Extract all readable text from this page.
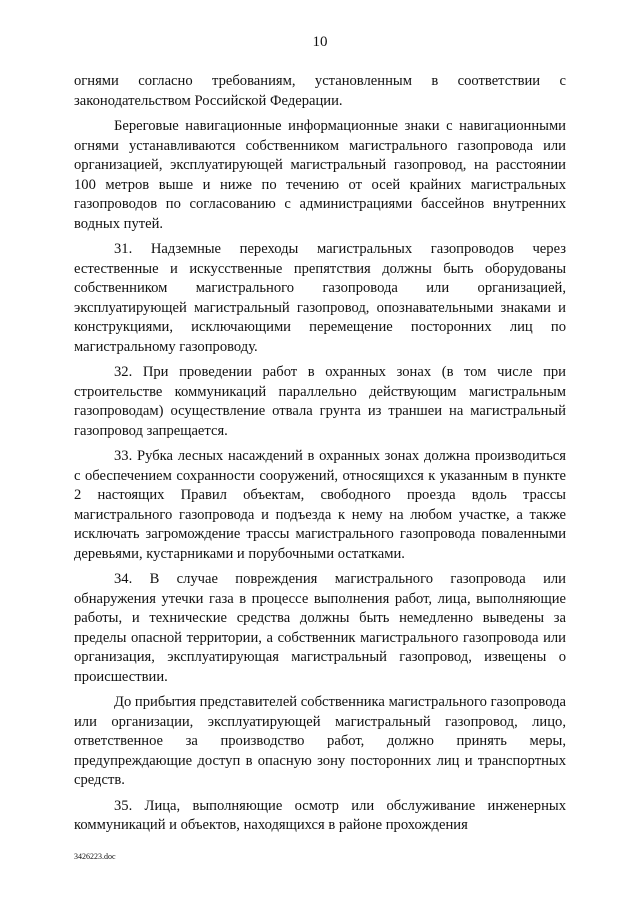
10

огнями согласно требованиям, установленным в соответствии с законодательством Российской Федерации.

Береговые навигационные информационные знаки с навигационными огнями устанавливаются собственником магистрального газопровода или организацией, эксплуатирующей магистральный газопровод, на расстоянии 100 метров выше и ниже по течению от осей крайних магистральных газопроводов по согласованию с администрациями бассейнов внутренних водных путей.

31. Надземные переходы магистральных газопроводов через естественные и искусственные препятствия должны быть оборудованы собственником магистрального газопровода или организацией, эксплуатирующей магистральный газопровод, опознавательными знаками и конструкциями, исключающими перемещение посторонних лиц по магистральному газопроводу.

32. При проведении работ в охранных зонах (в том числе при строительстве коммуникаций параллельно действующим магистральным газопроводам) осуществление отвала грунта из траншеи на магистральный газопровод запрещается.

33. Рубка лесных насаждений в охранных зонах должна производиться с обеспечением сохранности сооружений, относящихся к указанным в пункте 2 настоящих Правил объектам, свободного проезда вдоль трассы магистрального газопровода и подъезда к нему на любом участке, а также исключать загромождение трассы магистрального газопровода поваленными деревьями, кустарниками и порубочными остатками.

34. В случае повреждения магистрального газопровода или обнаружения утечки газа в процессе выполнения работ, лица, выполняющие работы, и технические средства должны быть немедленно выведены за пределы опасной территории, а собственник магистрального газопровода или организация, эксплуатирующая магистральный газопровод, извещены о происшествии.

До прибытия представителей собственника магистрального газопровода или организации, эксплуатирующей магистральный газопровод, лицо, ответственное за производство работ, должно принять меры, предупреждающие доступ в опасную зону посторонних лиц и транспортных средств.

35. Лица, выполняющие осмотр или обслуживание инженерных коммуникаций и объектов, находящихся в районе прохождения

3426223.doc
